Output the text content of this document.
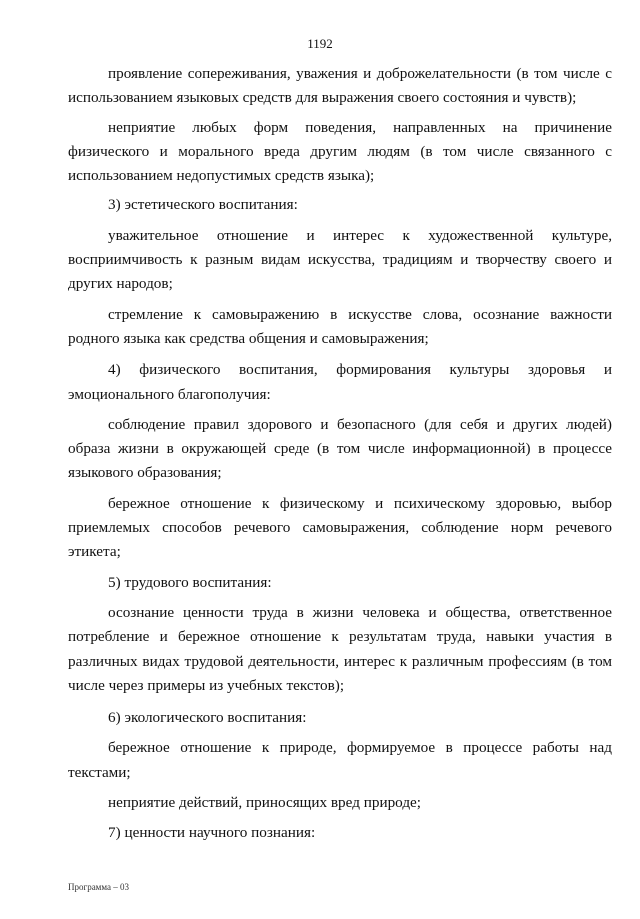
1192

проявление сопереживания, уважения и доброжелательности (в том числе с использованием языковых средств для выражения своего состояния и чувств);

неприятие любых форм поведения, направленных на причинение физического и морального вреда другим людям (в том числе связанного с использованием недопустимых средств языка);

3) эстетического воспитания:

уважительное отношение и интерес к художественной культуре, восприимчивость к разным видам искусства, традициям и творчеству своего и других народов;

стремление к самовыражению в искусстве слова, осознание важности родного языка как средства общения и самовыражения;

4) физического воспитания, формирования культуры здоровья и эмоционального благополучия:

соблюдение правил здорового и безопасного (для себя и других людей) образа жизни в окружающей среде (в том числе информационной) в процессе языкового образования;

бережное отношение к физическому и психическому здоровью, выбор приемлемых способов речевого самовыражения, соблюдение норм речевого этикета;

5) трудового воспитания:

осознание ценности труда в жизни человека и общества, ответственное потребление и бережное отношение к результатам труда, навыки участия в различных видах трудовой деятельности, интерес к различным профессиям (в том числе через примеры из учебных текстов);

6) экологического воспитания:

бережное отношение к природе, формируемое в процессе работы над текстами;

неприятие действий, приносящих вред природе;

7) ценности научного познания:

Программа – 03
